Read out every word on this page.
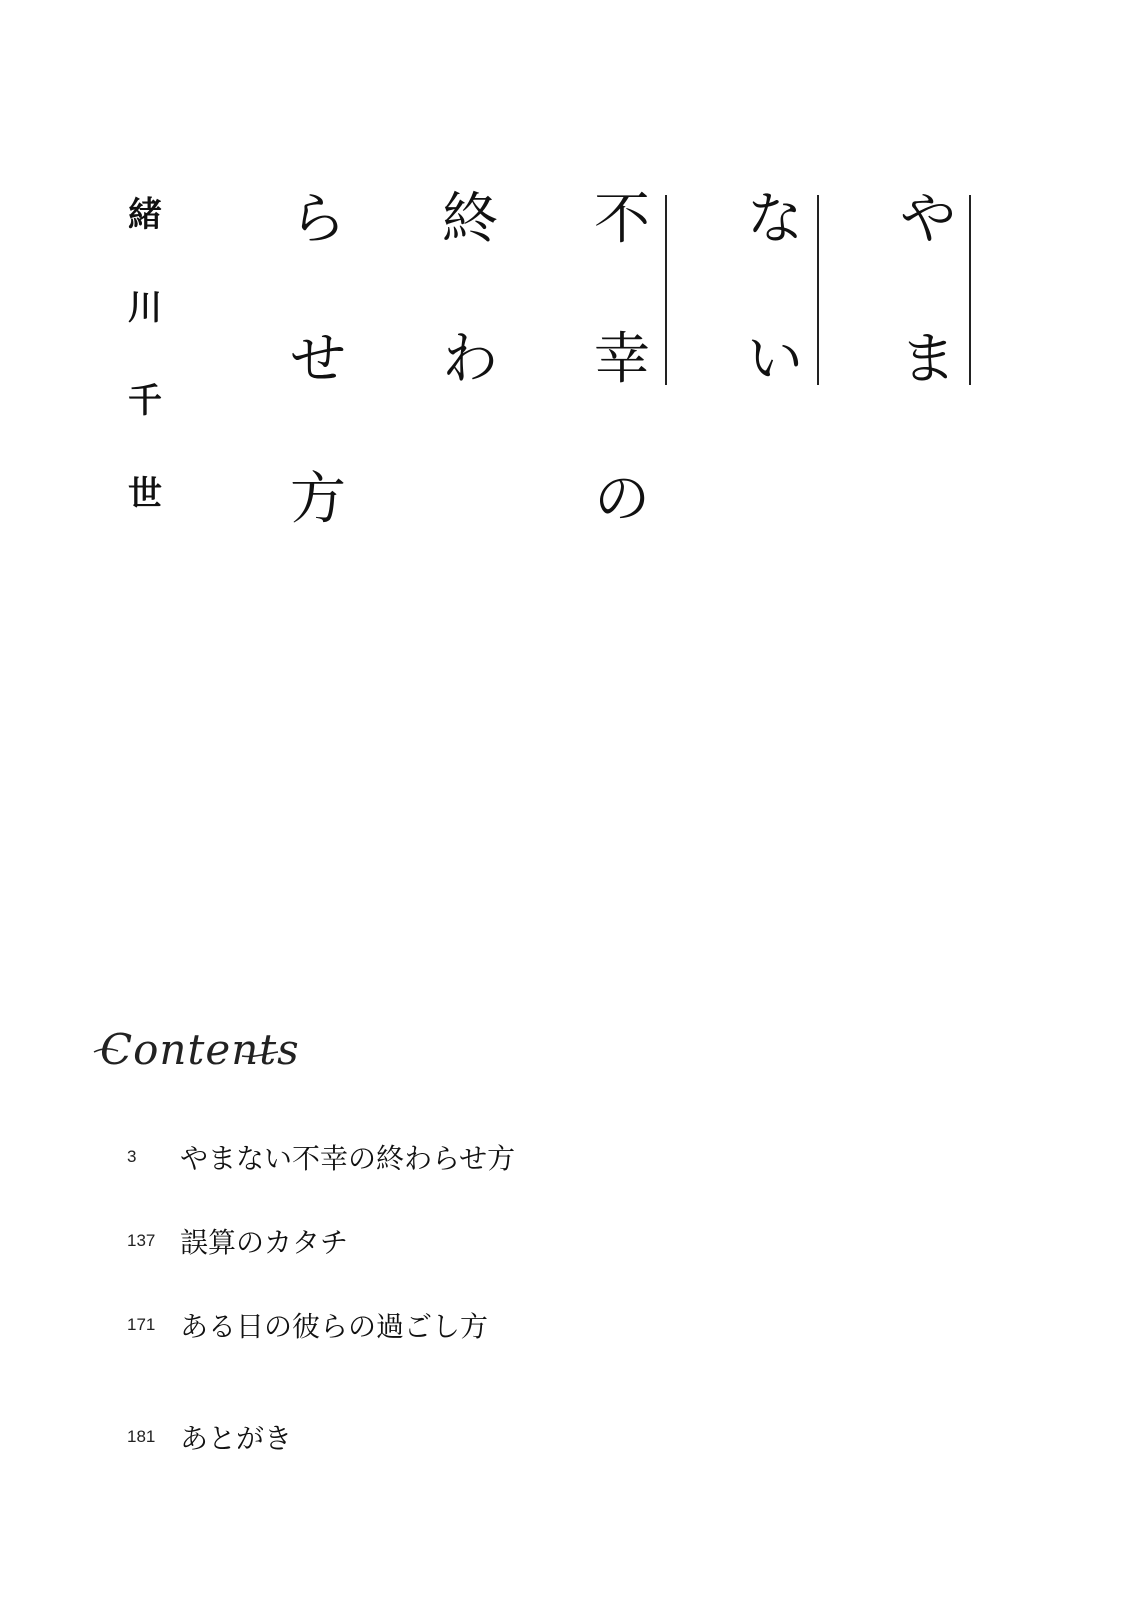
や
ま
な
い
不
幸
の
終
わ
ら
せ
方
緒
川
千
世
Contents
3 やまない不幸の終わらせ方
137 誤算のカタチ
171 ある日の彼らの過ごし方
181 あとがき
